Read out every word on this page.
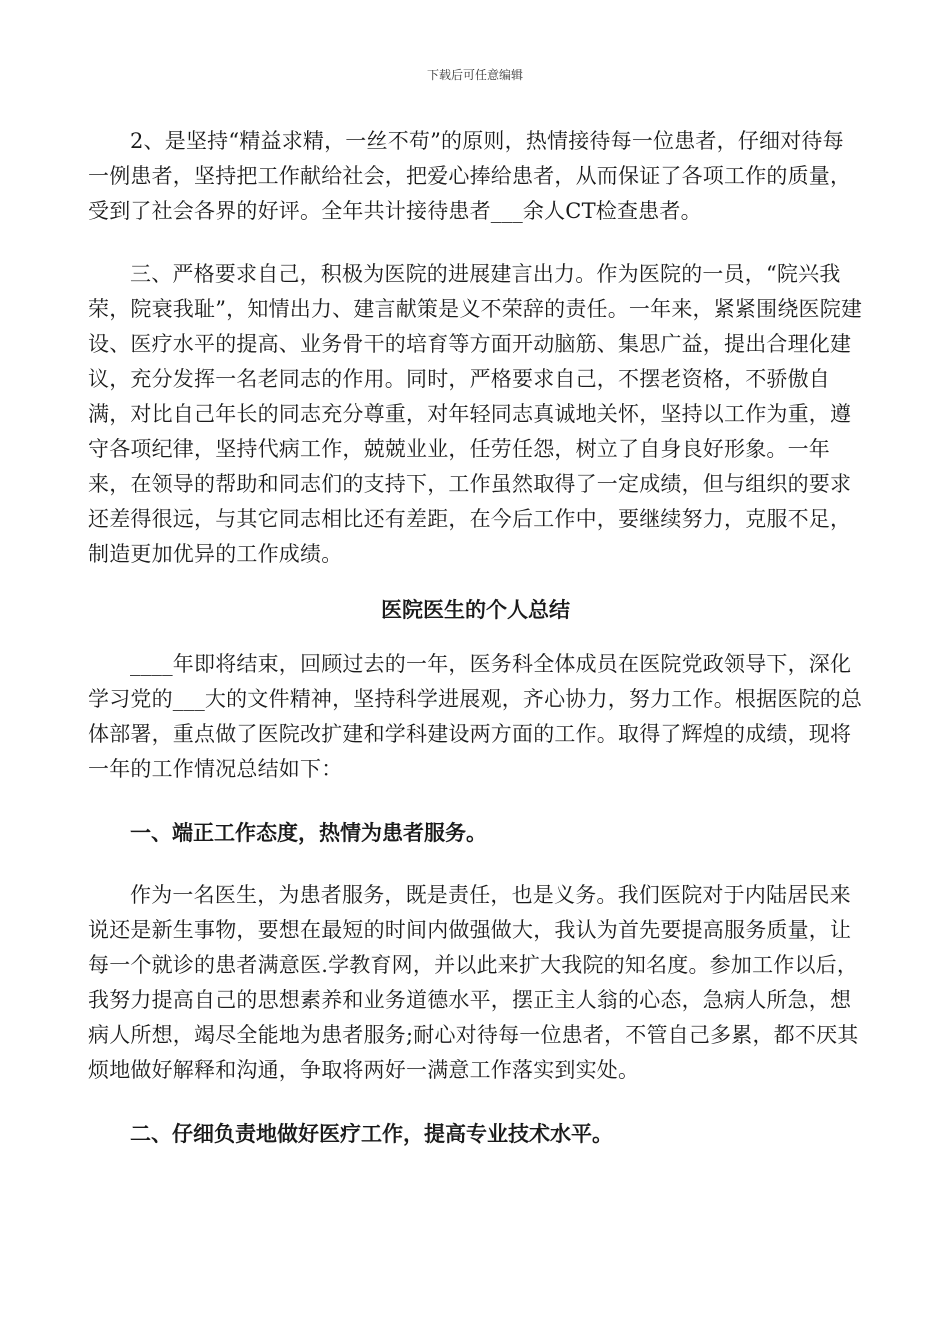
下载后可任意编辑

2、是坚持“精益求精，一丝不苟”的原则，热情接待每一位患者，仔细对待每一例患者，坚持把工作献给社会，把爱心捧给患者，从而保证了各项工作的质量，受到了社会各界的好评。全年共计接待患者___余人CT检查患者。

三、严格要求自己，积极为医院的进展建言出力。作为医院的一员，“院兴我荣，院衰我耻”，知情出力、建言献策是义不荣辞的责任。一年来，紧紧围绕医院建设、医疗水平的提高、业务骨干的培育等方面开动脑筋、集思广益，提出合理化建议，充分发挥一名老同志的作用。同时，严格要求自己，不摆老资格，不骄傲自满，对比自己年长的同志充分尊重，对年轻同志真诚地关怀，坚持以工作为重，遵守各项纪律，坚持代病工作，兢兢业业，任劳任怨，树立了自身良好形象。一年来，在领导的帮助和同志们的支持下，工作虽然取得了一定成绩，但与组织的要求还差得很远，与其它同志相比还有差距，在今后工作中，要继续努力，克服不足，制造更加优异的工作成绩。

医院医生的个人总结

____年即将结束，回顾过去的一年，医务科全体成员在医院党政领导下，深化学习党的___大的文件精神，坚持科学进展观，齐心协力，努力工作。根据医院的总体部署，重点做了医院改扩建和学科建设两方面的工作。取得了辉煌的成绩，现将一年的工作情况总结如下：

一、端正工作态度，热情为患者服务。

作为一名医生，为患者服务，既是责任，也是义务。我们医院对于内陆居民来说还是新生事物，要想在最短的时间内做强做大，我认为首先要提高服务质量，让每一个就诊的患者满意医.学教育网，并以此来扩大我院的知名度。参加工作以后，我努力提高自己的思想素养和业务道德水平，摆正主人翁的心态，急病人所急，想病人所想，竭尽全能地为患者服务;耐心对待每一位患者，不管自己多累，都不厌其烦地做好解释和沟通，争取将两好一满意工作落实到实处。

二、仔细负责地做好医疗工作，提高专业技术水平。
